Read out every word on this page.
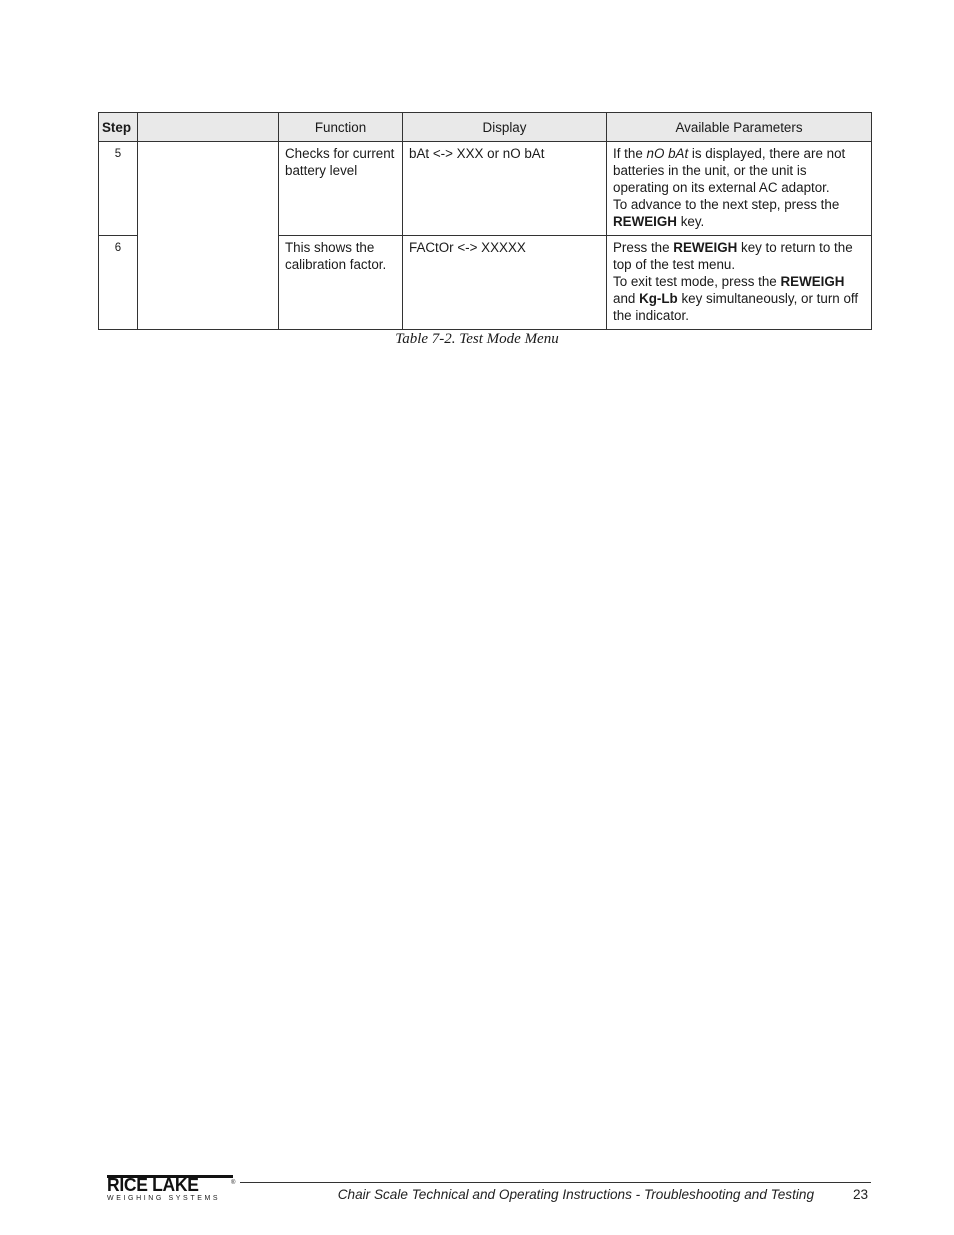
Step		Function	Display	Available Parameters
5		Checks for current
battery level	bAt <-> XXX or nO bAt	If the nO bAt is displayed, there are not
batteries in the unit, or the unit is
operating on its external AC adaptor.
To advance to the next step, press the
REWEIGH key.

6		This shows the
calibration factor.	FACtOr <-> XXXXX	Press the REWEIGH key to return to the
top of the test menu.
To exit test mode, press the REWEIGH
and Kg-Lb key simultaneously, or turn off
the indicator.
Table 7-2. Test Mode Menu
RICE LAKE
WEIGHING SYSTEMS
®
Chair Scale Technical and Operating Instructions - Troubleshooting and Testing	23
